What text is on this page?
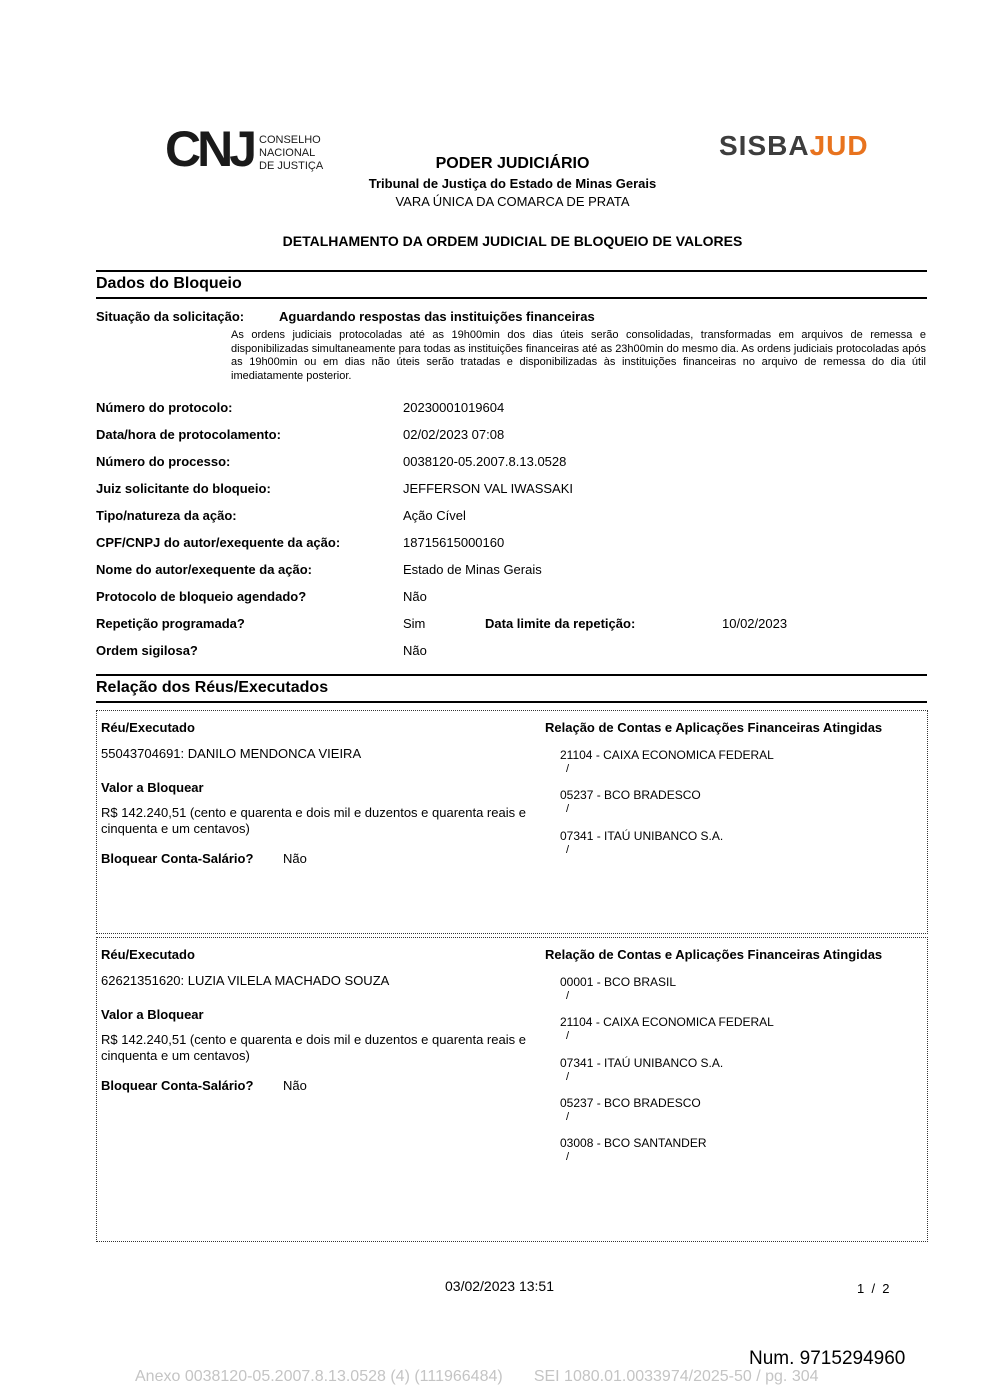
CNJ CONSELHO
NACIONAL
DE JUSTIÇA
SISBAJUD
PODER JUDICIÁRIO
Tribunal de Justiça do Estado de Minas Gerais
VARA ÚNICA DA COMARCA DE PRATA
DETALHAMENTO DA ORDEM JUDICIAL DE BLOQUEIO DE VALORES
Dados do Bloqueio
Situação da solicitação:	Aguardando respostas das instituições financeiras
As ordens judiciais protocoladas até as 19h00min dos dias úteis serão consolidadas, transformadas em arquivos de remessa e disponibilizadas simultaneamente para todas as instituições financeiras até as 23h00min do mesmo dia. As ordens judiciais protocoladas após as 19h00min ou em dias não úteis serão tratadas e disponibilizadas às instituições financeiras no arquivo de remessa do dia útil imediatamente posterior.
Número do protocolo:	20230001019604
Data/hora de protocolamento:	02/02/2023 07:08
Número do processo:	0038120-05.2007.8.13.0528
Juiz solicitante do bloqueio:	JEFFERSON VAL IWASSAKI
Tipo/natureza da ação:	Ação Cível
CPF/CNPJ do autor/exequente da ação:	18715615000160
Nome do autor/exequente da ação:	Estado de Minas Gerais
Protocolo de bloqueio agendado?	Não
Repetição programada?	Sim	Data limite da repetição:	10/02/2023
Ordem sigilosa?	Não
Relação dos Réus/Executados
Réu/Executado
55043704691: DANILO MENDONCA VIEIRA
Valor a Bloquear
R$ 142.240,51 (cento e quarenta e dois mil e duzentos e quarenta reais e
cinquenta e um centavos)
Bloquear Conta-Salário? Não
Relação de Contas e Aplicações Financeiras Atingidas
21104 - CAIXA ECONOMICA FEDERAL
/
05237 - BCO BRADESCO
/
07341 - ITAÚ UNIBANCO S.A.
/
Réu/Executado
62621351620: LUZIA VILELA MACHADO SOUZA
Valor a Bloquear
R$ 142.240,51 (cento e quarenta e dois mil e duzentos e quarenta reais e
cinquenta e um centavos)
Bloquear Conta-Salário? Não
Relação de Contas e Aplicações Financeiras Atingidas
00001 - BCO BRASIL
/
21104 - CAIXA ECONOMICA FEDERAL
/
07341 - ITAÚ UNIBANCO S.A.
/
05237 - BCO BRADESCO
/
03008 - BCO SANTANDER
/
03/02/2023 13:51	1  /  2
Num. 9715294960
Anexo 0038120-05.2007.8.13.0528 (4) (111966484)       SEI 1080.01.0033974/2025-50 / pg. 304
